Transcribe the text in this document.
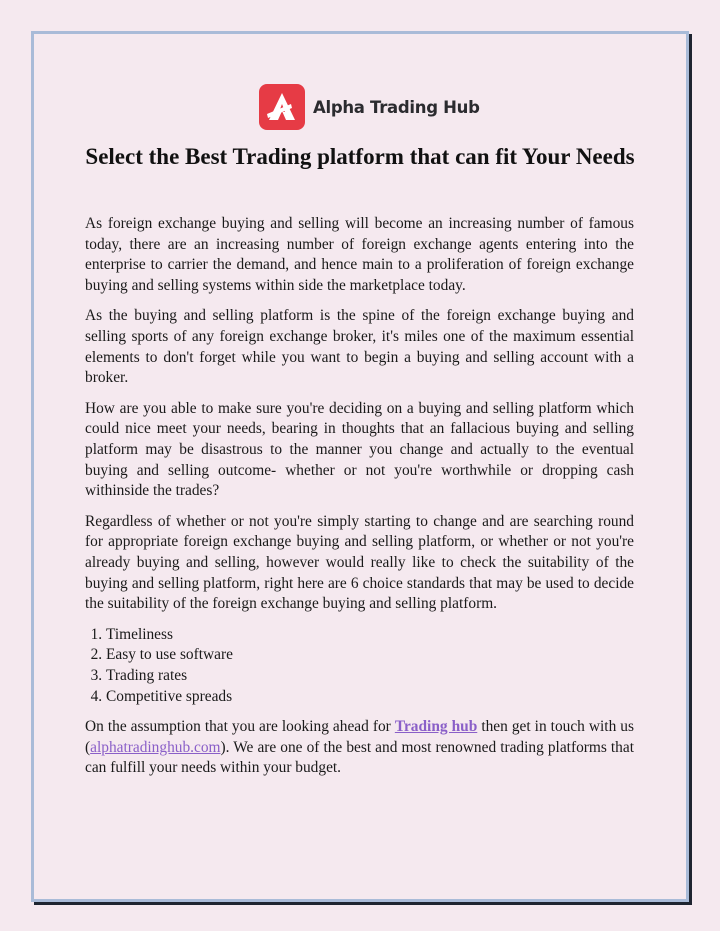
Alpha Trading Hub
Select the Best Trading platform that can fit Your Needs

As foreign exchange buying and selling will become an increasing number of famous today, there are an increasing number of foreign exchange agents entering into the enterprise to carrier the demand, and hence main to a proliferation of foreign exchange buying and selling systems within side the marketplace today.

As the buying and selling platform is the spine of the foreign exchange buying and selling sports of any foreign exchange broker, it's miles one of the maximum essential elements to don't forget while you want to begin a buying and selling account with a broker.

How are you able to make sure you're deciding on a buying and selling platform which could nice meet your needs, bearing in thoughts that an fallacious buying and selling platform may be disastrous to the manner you change and actually to the eventual buying and selling outcome- whether or not you're worthwhile or dropping cash withinside the trades?

Regardless of whether or not you're simply starting to change and are searching round for appropriate foreign exchange buying and selling platform, or whether or not you're already buying and selling, however would really like to check the suitability of the buying and selling platform, right here are 6 choice standards that may be used to decide the suitability of the foreign exchange buying and selling platform.

1. Timeliness
2. Easy to use software
3. Trading rates
4. Competitive spreads

On the assumption that you are looking ahead for Trading hub then get in touch with us (alphatradinghub.com). We are one of the best and most renowned trading platforms that can fulfill your needs within your budget.
